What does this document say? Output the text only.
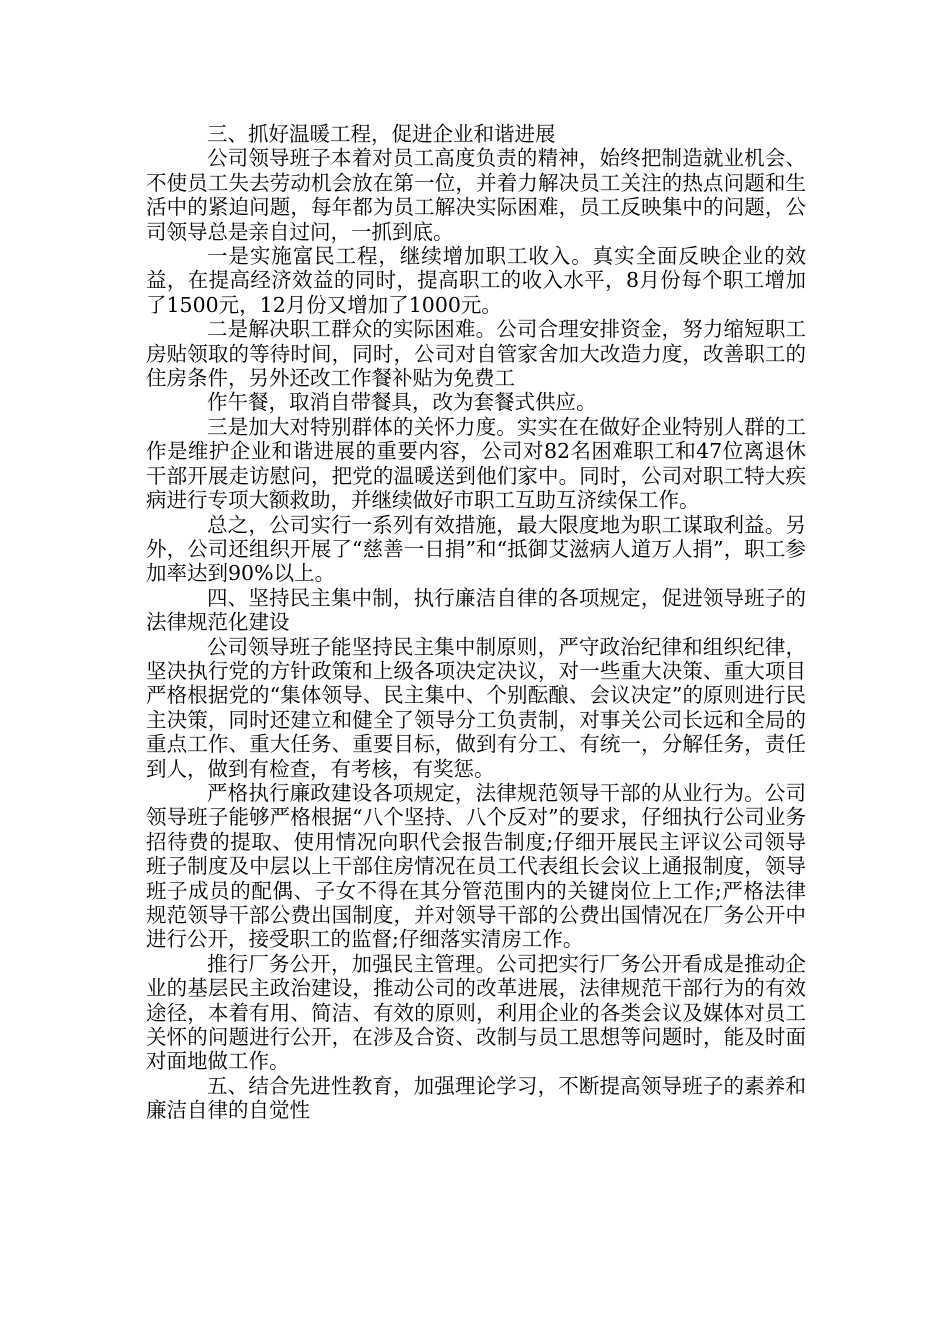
三、抓好温暖工程，促进企业和谐进展

公司领导班子本着对员工高度负责的精神，始终把制造就业机会、不使员工失去劳动机会放在第一位，并着力解决员工关注的热点问题和生活中的紧迫问题，每年都为员工解决实际困难，员工反映集中的问题，公司领导总是亲自过问，一抓到底。

一是实施富民工程，继续增加职工收入。真实全面反映企业的效益，在提高经济效益的同时，提高职工的收入水平，8月份每个职工增加了1500元，12月份又增加了1000元。

二是解决职工群众的实际困难。公司合理安排资金，努力缩短职工房贴领取的等待时间，同时，公司对自管家舍加大改造力度，改善职工的住房条件，另外还改工作餐补贴为免费工

作午餐，取消自带餐具，改为套餐式供应。

三是加大对特别群体的关怀力度。实实在在做好企业特别人群的工作是维护企业和谐进展的重要内容，公司对82名困难职工和47位离退休干部开展走访慰问，把党的温暖送到他们家中。同时，公司对职工特大疾病进行专项大额救助，并继续做好市职工互助互济续保工作。

总之，公司实行一系列有效措施，最大限度地为职工谋取利益。另外，公司还组织开展了“慈善一日捐”和“抵御艾滋病人道万人捐”，职工参加率达到90%以上。

四、坚持民主集中制，执行廉洁自律的各项规定，促进领导班子的法律规范化建设

公司领导班子能坚持民主集中制原则，严守政治纪律和组织纪律，坚决执行党的方针政策和上级各项决定决议，对一些重大决策、重大项目严格根据党的“集体领导、民主集中、个别酝酿、会议决定”的原则进行民主决策，同时还建立和健全了领导分工负责制，对事关公司长远和全局的重点工作、重大任务、重要目标，做到有分工、有统一，分解任务，责任到人，做到有检查，有考核，有奖惩。

严格执行廉政建设各项规定，法律规范领导干部的从业行为。公司领导班子能够严格根据“八个坚持、八个反对”的要求，仔细执行公司业务招待费的提取、使用情况向职代会报告制度;仔细开展民主评议公司领导班子制度及中层以上干部住房情况在员工代表组长会议上通报制度，领导班子成员的配偶、子女不得在其分管范围内的关键岗位上工作;严格法律规范领导干部公费出国制度，并对领导干部的公费出国情况在厂务公开中进行公开，接受职工的监督;仔细落实清房工作。

推行厂务公开，加强民主管理。公司把实行厂务公开看成是推动企业的基层民主政治建设，推动公司的改革进展，法律规范干部行为的有效途径，本着有用、简洁、有效的原则，利用企业的各类会议及媒体对员工关怀的问题进行公开，在涉及合资、改制与员工思想等问题时，能及时面对面地做工作。

五、结合先进性教育，加强理论学习，不断提高领导班子的素养和廉洁自律的自觉性
